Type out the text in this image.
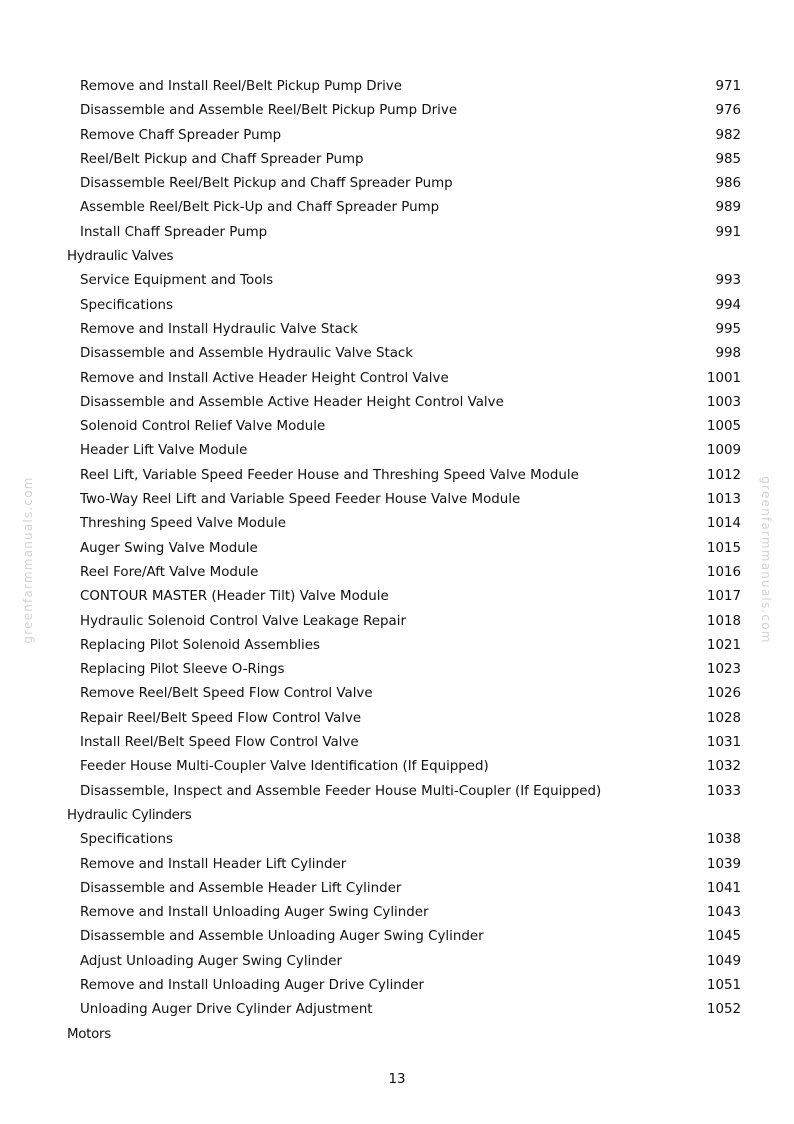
greenfarmmanuals.com	greenfarmmanuals.com
Remove and Install Reel/Belt Pickup Pump Drive	971
Disassemble and Assemble Reel/Belt Pickup Pump Drive	976
Remove Chaff Spreader Pump	982
Reel/Belt Pickup and Chaff Spreader Pump	985
Disassemble Reel/Belt Pickup and Chaff Spreader Pump	986
Assemble Reel/Belt Pick-Up and Chaff Spreader Pump	989
Install Chaff Spreader Pump	991
Hydraulic Valves
Service Equipment and Tools	993
Specifications	994
Remove and Install Hydraulic Valve Stack	995
Disassemble and Assemble Hydraulic Valve Stack	998
Remove and Install Active Header Height Control Valve	1001
Disassemble and Assemble Active Header Height Control Valve	1003
Solenoid Control Relief Valve Module	1005
Header Lift Valve Module	1009
Reel Lift, Variable Speed Feeder House and Threshing Speed Valve Module	1012
Two-Way Reel Lift and Variable Speed Feeder House Valve Module	1013
Threshing Speed Valve Module	1014
Auger Swing Valve Module	1015
Reel Fore/Aft Valve Module	1016
CONTOUR MASTER (Header Tilt) Valve Module	1017
Hydraulic Solenoid Control Valve Leakage Repair	1018
Replacing Pilot Solenoid Assemblies	1021
Replacing Pilot Sleeve O-Rings	1023
Remove Reel/Belt Speed Flow Control Valve	1026
Repair Reel/Belt Speed Flow Control Valve	1028
Install Reel/Belt Speed Flow Control Valve	1031
Feeder House Multi-Coupler Valve Identification (If Equipped)	1032
Disassemble, Inspect and Assemble Feeder House Multi-Coupler (If Equipped)	1033
Hydraulic Cylinders
Specifications	1038
Remove and Install Header Lift Cylinder	1039
Disassemble and Assemble Header Lift Cylinder	1041
Remove and Install Unloading Auger Swing Cylinder	1043
Disassemble and Assemble Unloading Auger Swing Cylinder	1045
Adjust Unloading Auger Swing Cylinder	1049
Remove and Install Unloading Auger Drive Cylinder	1051
Unloading Auger Drive Cylinder Adjustment	1052
Motors
13
